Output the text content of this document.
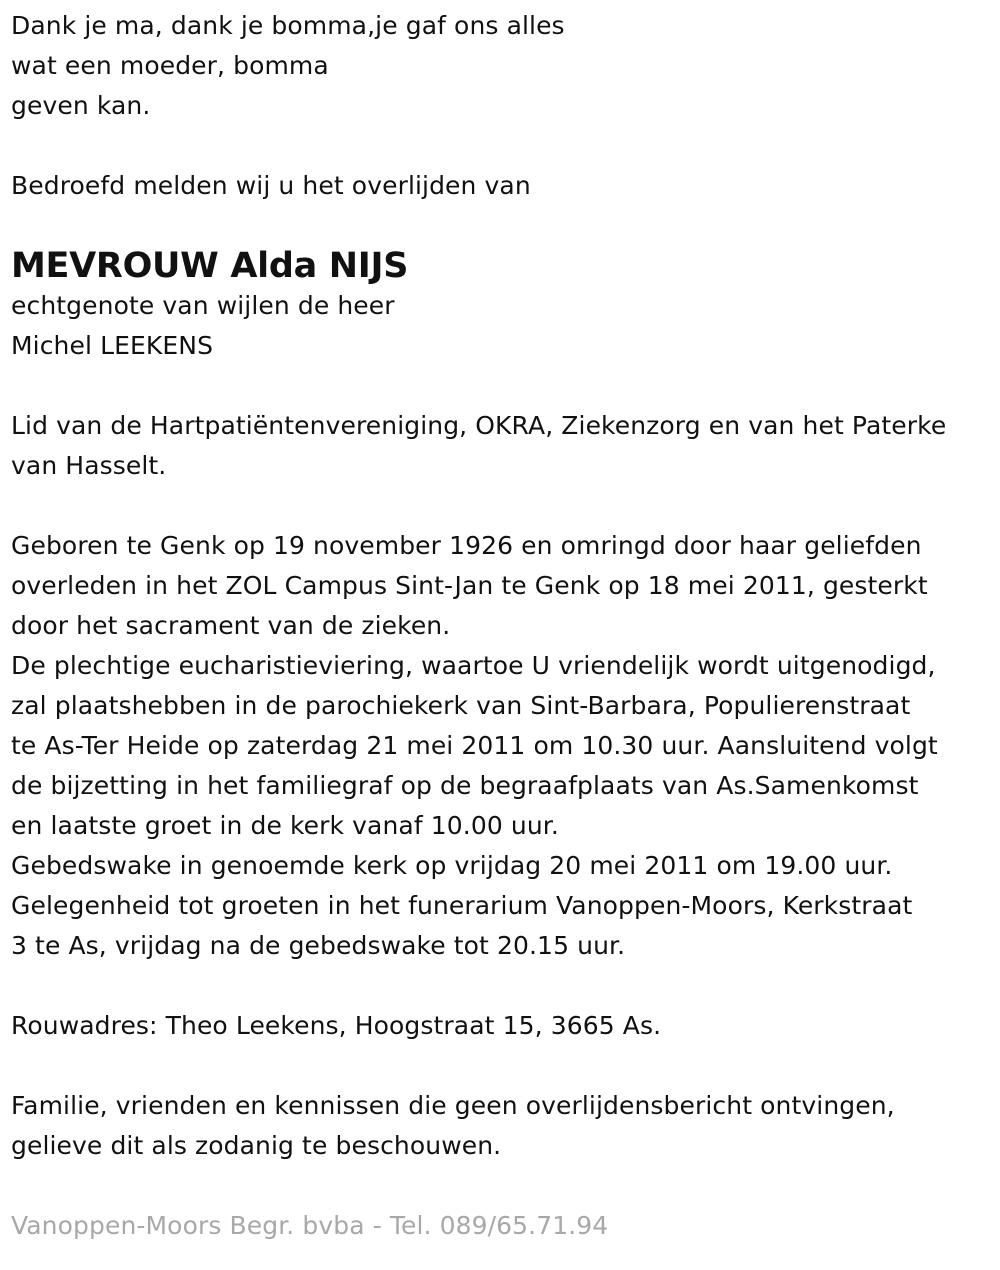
Dank je ma, dank je bomma,je gaf ons alles
wat een moeder, bomma
geven kan.
Bedroefd melden wij u het overlijden van
MEVROUW Alda NIJS
echtgenote van wijlen de heer
Michel LEEKENS
Lid van de Hartpatiëntenvereniging, OKRA, Ziekenzorg en van het Paterke
van Hasselt.
Geboren te Genk op 19 november 1926 en omringd door haar geliefden
overleden in het ZOL Campus Sint-Jan te Genk op 18 mei 2011, gesterkt
door het sacrament van de zieken.
De plechtige eucharistieviering, waartoe U vriendelijk wordt uitgenodigd,
zal plaatshebben in de parochiekerk van Sint-Barbara, Populierenstraat
te As-Ter Heide op zaterdag 21 mei 2011 om 10.30 uur. Aansluitend volgt
de bijzetting in het familiegraf op de begraafplaats van As.Samenkomst
en laatste groet in de kerk vanaf 10.00 uur.
Gebedswake in genoemde kerk op vrijdag 20 mei 2011 om 19.00 uur.
Gelegenheid tot groeten in het funerarium Vanoppen-Moors, Kerkstraat
3 te As, vrijdag na de gebedswake tot 20.15 uur.
Rouwadres: Theo Leekens, Hoogstraat 15, 3665 As.
Familie, vrienden en kennissen die geen overlijdensbericht ontvingen,
gelieve dit als zodanig te beschouwen.
Vanoppen-Moors Begr. bvba - Tel. 089/65.71.94
